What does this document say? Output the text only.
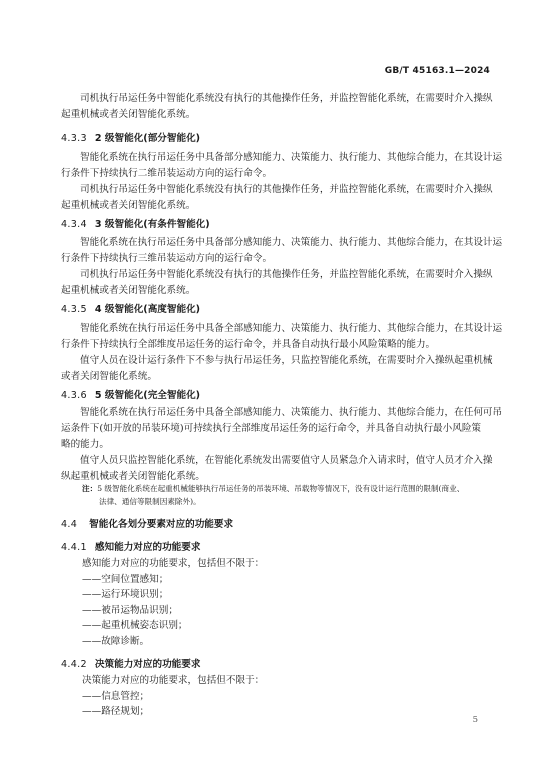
GB/T 45163.1—2024
司机执行吊运任务中智能化系统没有执行的其他操作任务，并监控智能化系统，在需要时介入操纵
起重机械或者关闭智能化系统。
4.3.3 2 级智能化(部分智能化)
智能化系统在执行吊运任务中具备部分感知能力、决策能力、执行能力、其他综合能力，在其设计运
行条件下持续执行二维吊装运动方向的运行命令。
司机执行吊运任务中智能化系统没有执行的其他操作任务，并监控智能化系统，在需要时介入操纵
起重机械或者关闭智能化系统。
4.3.4 3 级智能化(有条件智能化)
智能化系统在执行吊运任务中具备部分感知能力、决策能力、执行能力、其他综合能力，在其设计运
行条件下持续执行三维吊装运动方向的运行命令。
司机执行吊运任务中智能化系统没有执行的其他操作任务，并监控智能化系统，在需要时介入操纵
起重机械或者关闭智能化系统。
4.3.5 4 级智能化(高度智能化)
智能化系统在执行吊运任务中具备全部感知能力、决策能力、执行能力、其他综合能力，在其设计运
行条件下持续执行全部维度吊运任务的运行命令，并具备自动执行最小风险策略的能力。
值守人员在设计运行条件下不参与执行吊运任务，只监控智能化系统，在需要时介入操纵起重机械
或者关闭智能化系统。
4.3.6 5 级智能化(完全智能化)
智能化系统在执行吊运任务中具备全部感知能力、决策能力、执行能力、其他综合能力，在任何可吊
运条件下(如开放的吊装环境)可持续执行全部维度吊运任务的运行命令，并具备自动执行最小风险策
略的能力。
值守人员只监控智能化系统，在智能化系统发出需要值守人员紧急介入请求时，值守人员才介入操
纵起重机械或者关闭智能化系统。
注：5 级智能化系统在起重机械能够执行吊运任务的吊装环境、吊载物等情况下，没有设计运行范围的限制(商业、
法律、通信等限制因素除外)。
4.4 智能化各划分要素对应的功能要求
4.4.1 感知能力对应的功能要求
感知能力对应的功能要求，包括但不限于：
——空间位置感知；
——运行环境识别；
——被吊运物品识别；
——起重机械姿态识别；
——故障诊断。
4.4.2 决策能力对应的功能要求
决策能力对应的功能要求，包括但不限于：
——信息管控；
——路径规划；
5
